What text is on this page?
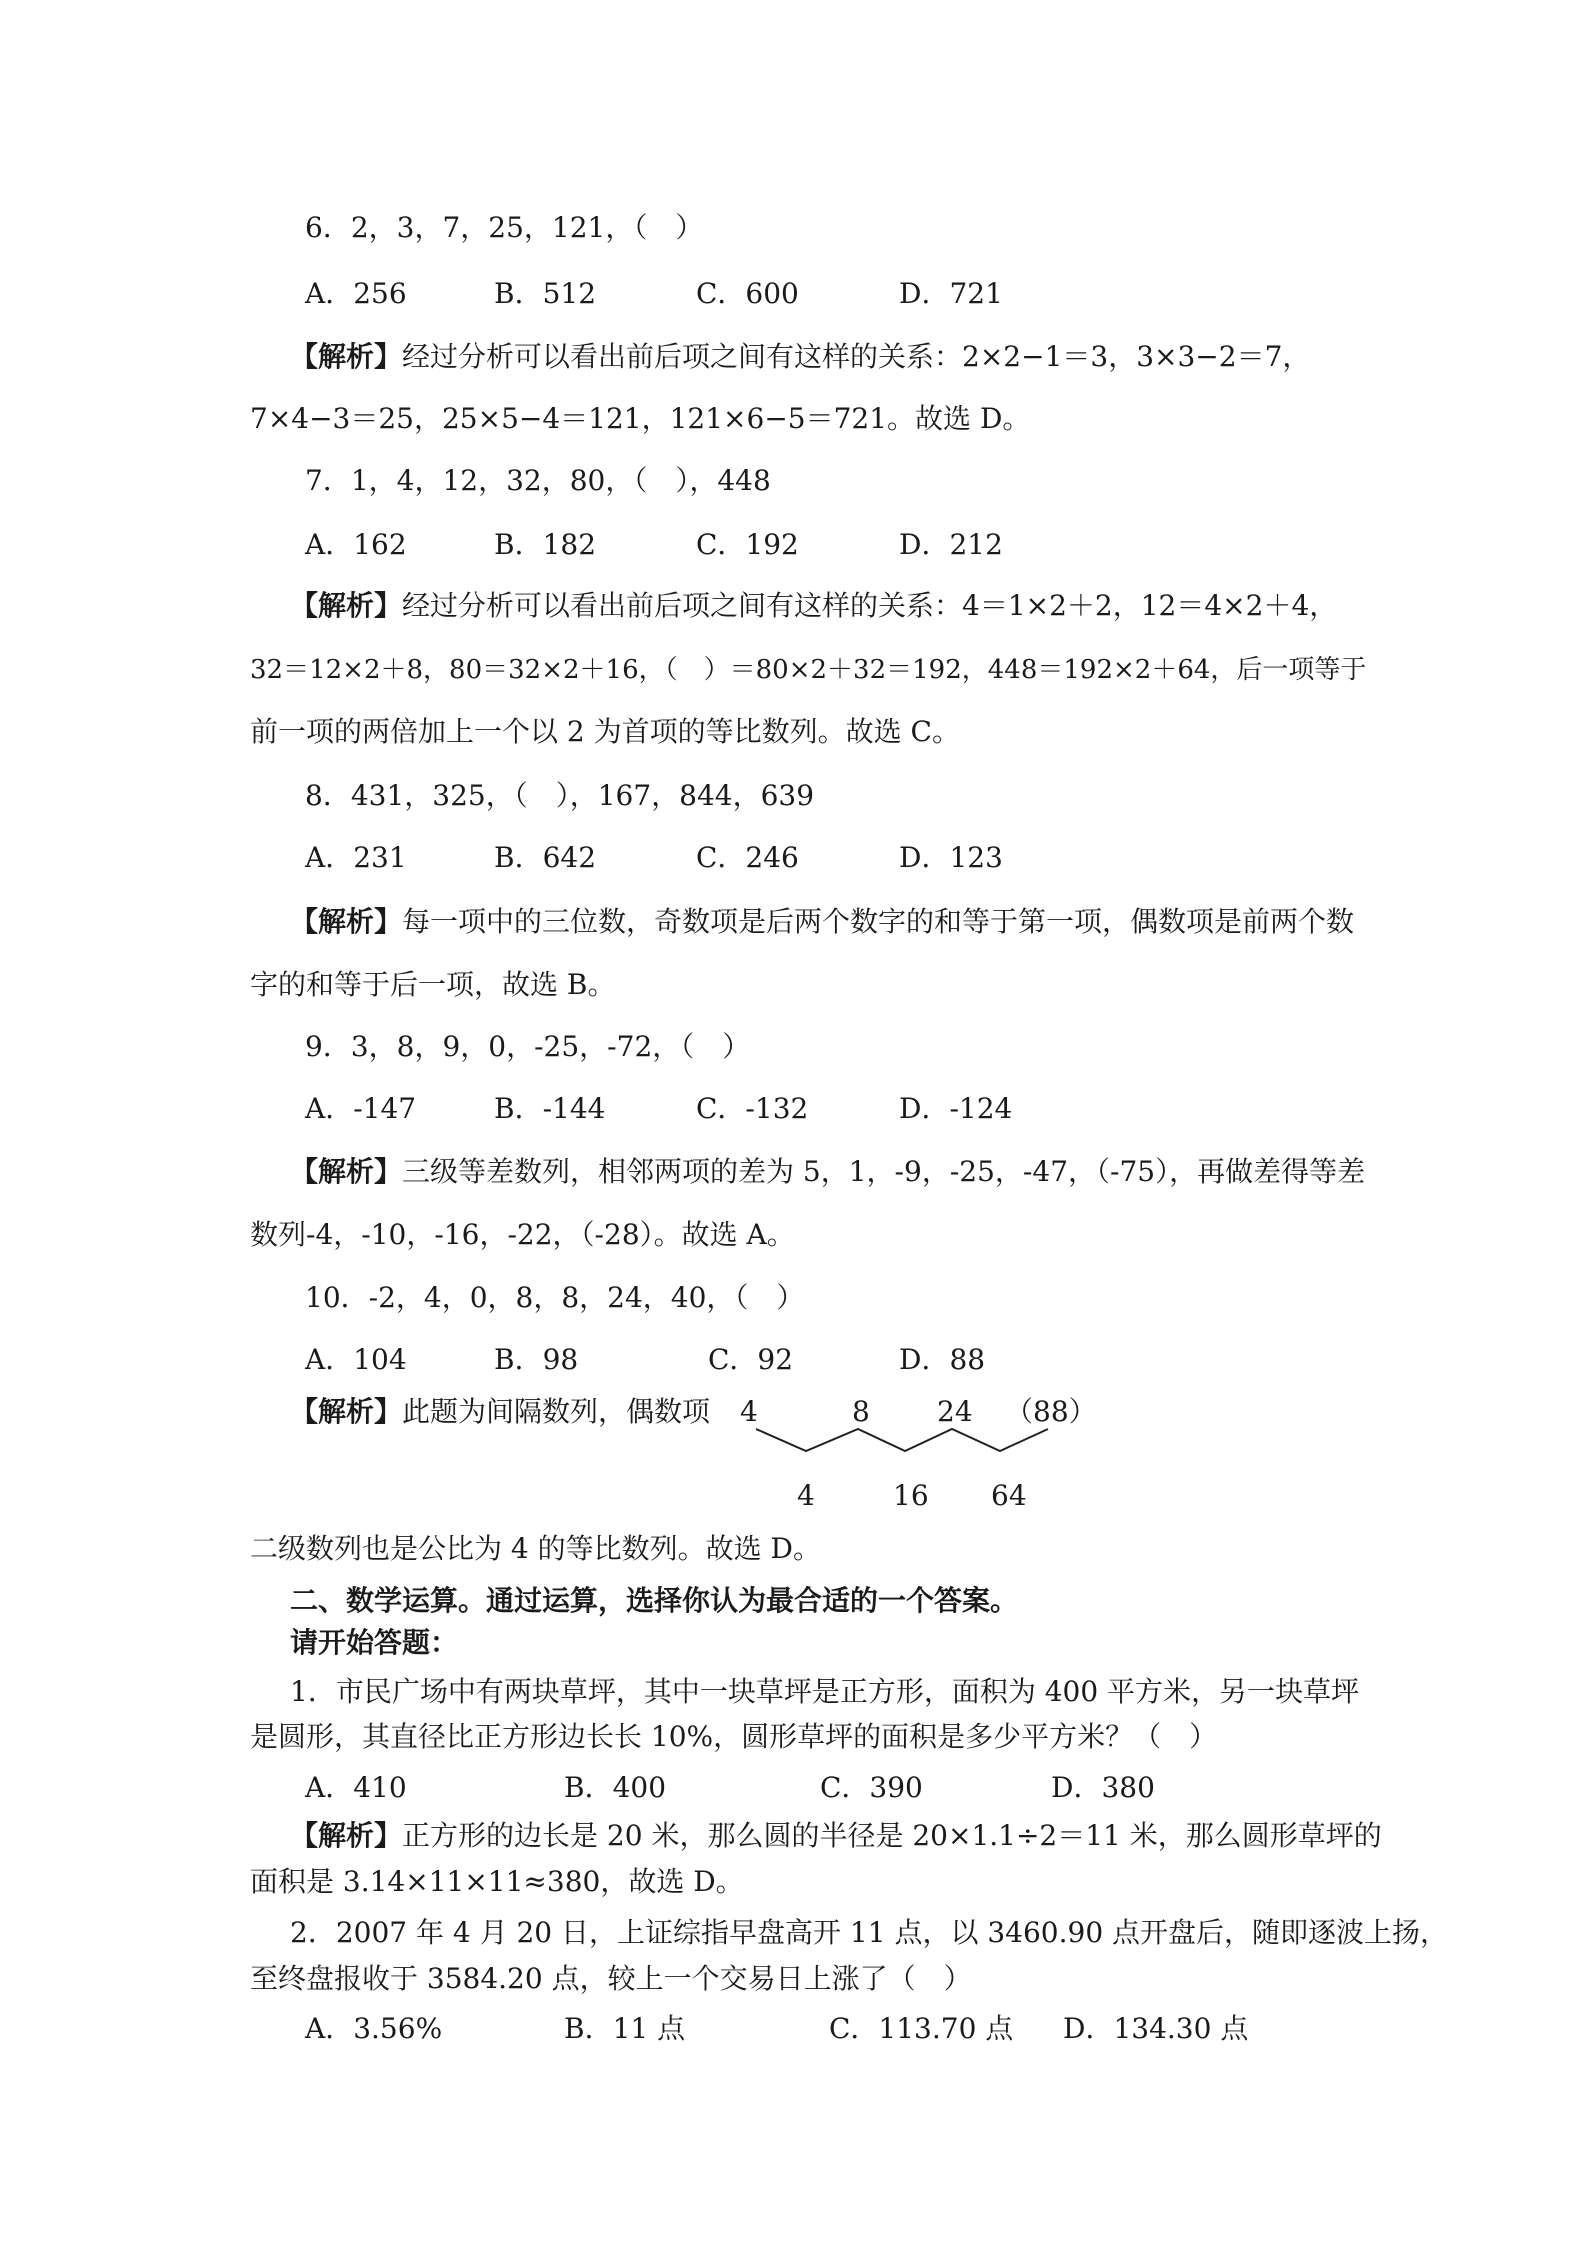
6．2，3，7，25，121，（　）
A．256	B．512	C．600	D．721
【解析】经过分析可以看出前后项之间有这样的关系：2×2−1＝3，3×3−2＝7，
7×4−3＝25，25×5−4＝121，121×6−5＝721。故选 D。
7．1，4，12，32，80，（　），448
A．162	B．182	C．192	D．212
【解析】经过分析可以看出前后项之间有这样的关系：4＝1×2＋2，12＝4×2＋4，
32＝12×2＋8，80＝32×2＋16，（　）＝80×2＋32＝192，448＝192×2＋64，后一项等于
前一项的两倍加上一个以 2 为首项的等比数列。故选 C。
8．431，325，（　），167，844，639
A．231	B．642	C．246	D．123
【解析】每一项中的三位数，奇数项是后两个数字的和等于第一项，偶数项是前两个数
字的和等于后一项，故选 B。
9．3，8，9，0，-25，-72，（　）
A．-147	B．-144	C．-132	D．-124
【解析】三级等差数列，相邻两项的差为 5，1，-9，-25，-47，（-75），再做差得等差
数列-4，-10，-16，-22，（-28）。故选 A。
10．-2，4，0，8，8，24，40，（　）
A．104	B．98	C．92	D．88
【解析】此题为间隔数列，偶数项 4	8 24 （88）
4	16 64
二级数列也是公比为 4 的等比数列。故选 D。
二、数学运算。通过运算，选择你认为最合适的一个答案。
请开始答题：
1．市民广场中有两块草坪，其中一块草坪是正方形，面积为 400 平方米，另一块草坪
是圆形，其直径比正方形边长长 10%，圆形草坪的面积是多少平方米？（　）
A．410	B．400	C．390	D．380
【解析】正方形的边长是 20 米，那么圆的半径是 20×1.1÷2＝11 米，那么圆形草坪的
面积是 3.14×11×11≈380，故选 D。
2．2007 年 4 月 20 日，上证综指早盘高开 11 点，以 3460.90 点开盘后，随即逐波上扬，
至终盘报收于 3584.20 点，较上一个交易日上涨了（　）
A．3.56%	B．11 点	C．113.70 点 D．134.30 点
